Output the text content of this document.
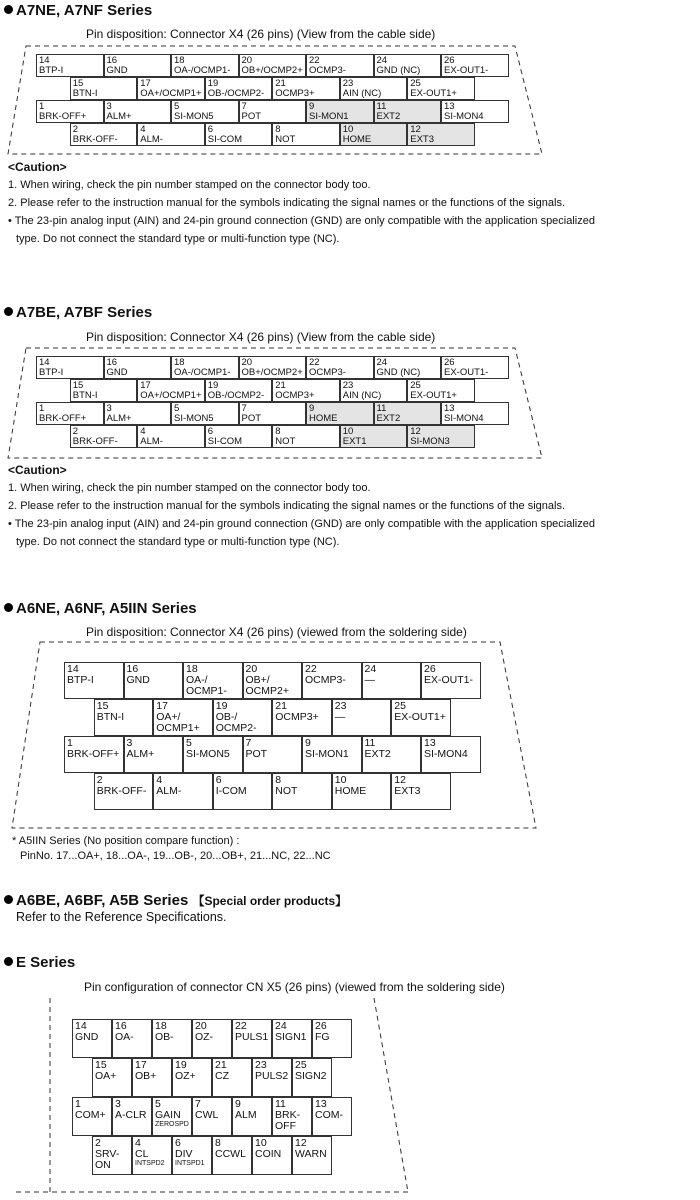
A7NE, A7NF Series
A7BE, A7BF Series
A6NE, A6NF, A5IIN Series
A6BE, A6BF, A5B Series 【Special order products】
Refer to the Reference Specifications.
E Series
Pin disposition: Connector X4 (26 pins) (View from the cable side)
Pin disposition: Connector X4 (26 pins) (View from the cable side)
Pin disposition: Connector X4 (26 pins) (viewed from the soldering side)
Pin configuration of connector CN X5 (26 pins) (viewed from the soldering side)
14
BTP-I
16
GND
18
OA-/OCMP1-
20
OB+/OCMP2+
22
OCMP3-
24
GND (NC)
26
EX-OUT1-
15
BTN-I
17
OA+/OCMP1+
19
OB-/OCMP2-
21
OCMP3+
23
AIN (NC)
25
EX-OUT1+
1
BRK-OFF+
3
ALM+
5
SI-MON5
7
POT
9
SI-MON1
11
EXT2
13
SI-MON4
2
BRK-OFF-
4
ALM-
6
SI-COM
8
NOT
10
HOME
12
EXT3
14
BTP-I
16
GND
18
OA-/OCMP1-
20
OB+/OCMP2+
22
OCMP3-
24
GND (NC)
26
EX-OUT1-
15
BTN-I
17
OA+/OCMP1+
19
OB-/OCMP2-
21
OCMP3+
23
AIN (NC)
25
EX-OUT1+
1
BRK-OFF+
3
ALM+
5
SI-MON5
7
POT
9
HOME
11
EXT2
13
SI-MON4
2
BRK-OFF-
4
ALM-
6
SI-COM
8
NOT
10
EXT1
12
SI-MON3
14
BTP-I
16
GND
18
OA-/
OCMP1-
20
OB+/
OCMP2+
22
OCMP3-
24
—
26
EX-OUT1-
15
BTN-I
17
OA+/
OCMP1+
19
OB-/
OCMP2-
21
OCMP3+
23
—
25
EX-OUT1+
1
BRK-OFF+
3
ALM+
5
SI-MON5
7
POT
9
SI-MON1
11
EXT2
13
SI-MON4
2
BRK-OFF-
4
ALM-
6
I-COM
8
NOT
10
HOME
12
EXT3
14
GND
16
OA-
18
OB-
20
OZ-
22
PULS1
24
SIGN1
26
FG
15
OA+
17
OB+
19
OZ+
21
CZ
23
PULS2
25
SIGN2
1
COM+
3
A-CLR
5
GAIN
ZEROSPD
7
CWL
9
ALM
11
BRK-
OFF
13
COM-
2
SRV-
ON
4
CL
INTSPD2
6
DIV
INTSPD1
8
CCWL
10
COIN
12
WARN
<Caution>
1. When wiring, check the pin number stamped on the connector body too.
2. Please refer to the instruction manual for the symbols indicating the signal names or the functions of the signals.
• The 23-pin analog input (AIN) and 24-pin ground connection (GND) are only compatible with the application specialized
type. Do not connect the standard type or multi-function type (NC).
<Caution>
1. When wiring, check the pin number stamped on the connector body too.
2. Please refer to the instruction manual for the symbols indicating the signal names or the functions of the signals.
• The 23-pin analog input (AIN) and 24-pin ground connection (GND) are only compatible with the application specialized
type. Do not connect the standard type or multi-function type (NC).
* A5IIN Series (No position compare function) :
PinNo. 17...OA+, 18...OA-, 19...OB-, 20...OB+, 21...NC, 22...NC
